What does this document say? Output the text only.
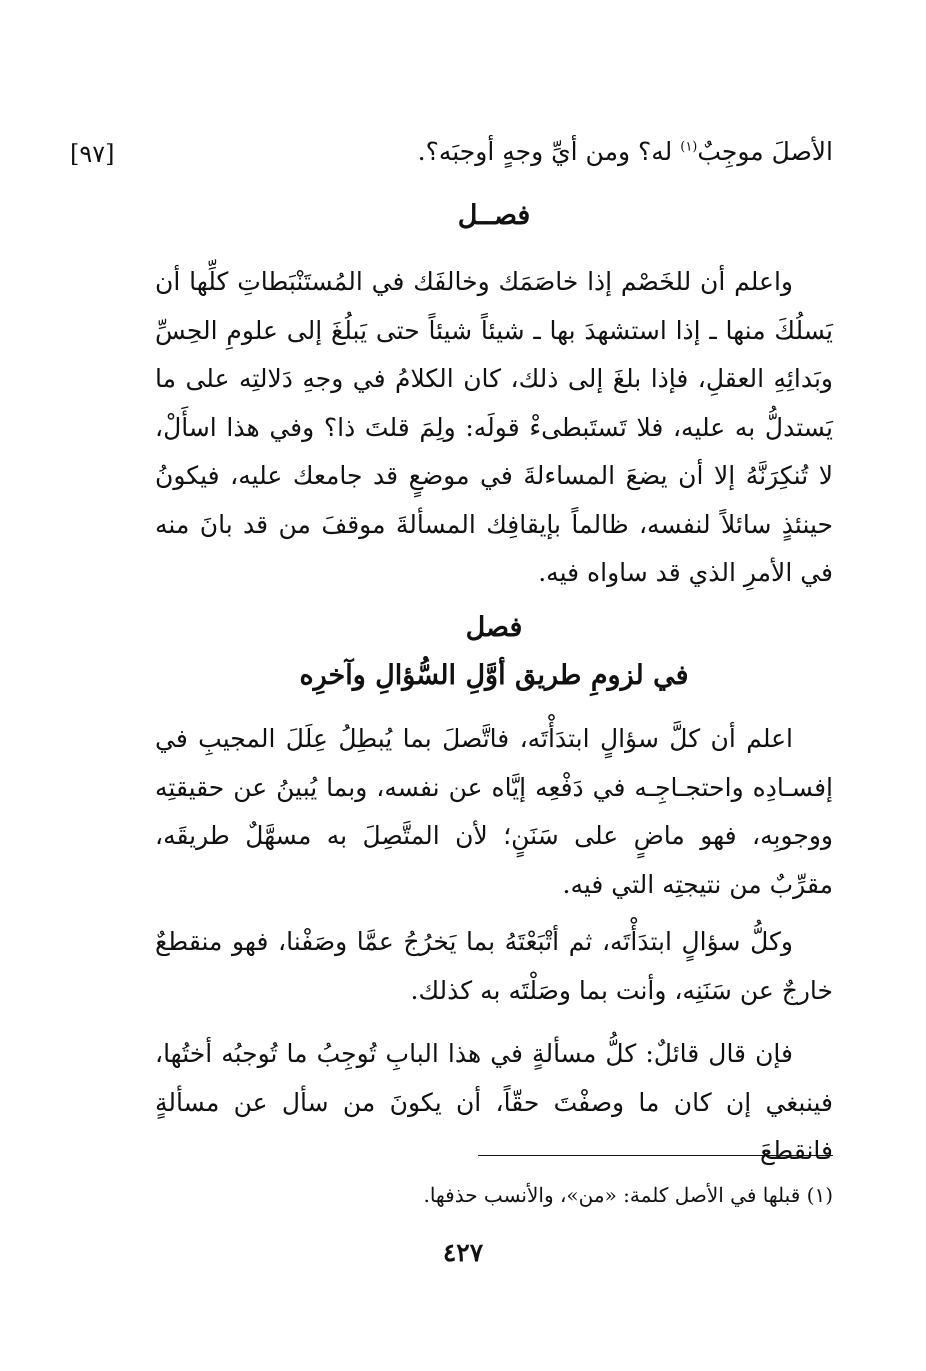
[٩٧]	الأصلَ موجِبٌ$^{(١)}$ له؟ ومن أيِّ وجهٍ أوجبَه؟.

فصــل

واعلم أن للخَصْم إذا خاصَمَك وخالفَك في المُستَنْبَطاتِ كلِّها أن يَسلُكَ منها ـ إذا استشهدَ بها ـ شيئاً شيئاً حتى يَبلُغَ إلى علومِ الحِسِّ وبَدائِهِ العقلِ، فإذا بلغَ إلى ذلك، كان الكلامُ في وجهِ دَلالتِه على ما يَستدلُّ به عليه، فلا تَستَبطىءْ قولَه: ولِمَ قلتَ ذا؟ وفي هذا اسأَلْ، لا تُنكِرَنَّهُ إلا أن يضعَ المساءلةَ في موضعٍ قد جامعك عليه، فيكونُ حينئذٍ سائلاً لنفسه، ظالماً بإيقافِك المسألةَ موقفَ من قد بانَ منه في الأمرِ الذي قد ساواه فيه.

فصل
في لزومِ طريق أوَّلِ السُّؤالِ وآخرِه

اعلم أن كلَّ سؤالٍ ابتدَأْتَه، فاتَّصلَ بما يُبطِلُ عِلَلَ المجيبِ في إفسـادِه واحتجـاجِـه في دَفْعِه إيَّاه عن نفسه، وبما يُبينُ عن حقيقتِه ووجوبِه، فهو ماضٍ على سَنَنٍ؛ لأن المتَّصِلَ به مسهَّلٌ طريقَه، مقرِّبٌ من نتيجتِه التي فيه.

وكلُّ سؤالٍ ابتدَأْتَه، ثم أتْبَعْتَهُ بما يَخرُجُ عمَّا وصَفْنا، فهو منقطعٌ خارجٌ عن سَنَنِه، وأنت بما وصَلْتَه به كذلك.

فإن قال قائلٌ: كلُّ مسألةٍ في هذا البابِ تُوجِبُ ما تُوجبُه أختُها، فينبغي إن كان ما وصفْتَ حقّاً، أن يكونَ من سأل عن مسألةٍ فانقطعَ

(١) قبلها في الأصل كلمة: «من»، والأنسب حذفها.
٤٢٧
